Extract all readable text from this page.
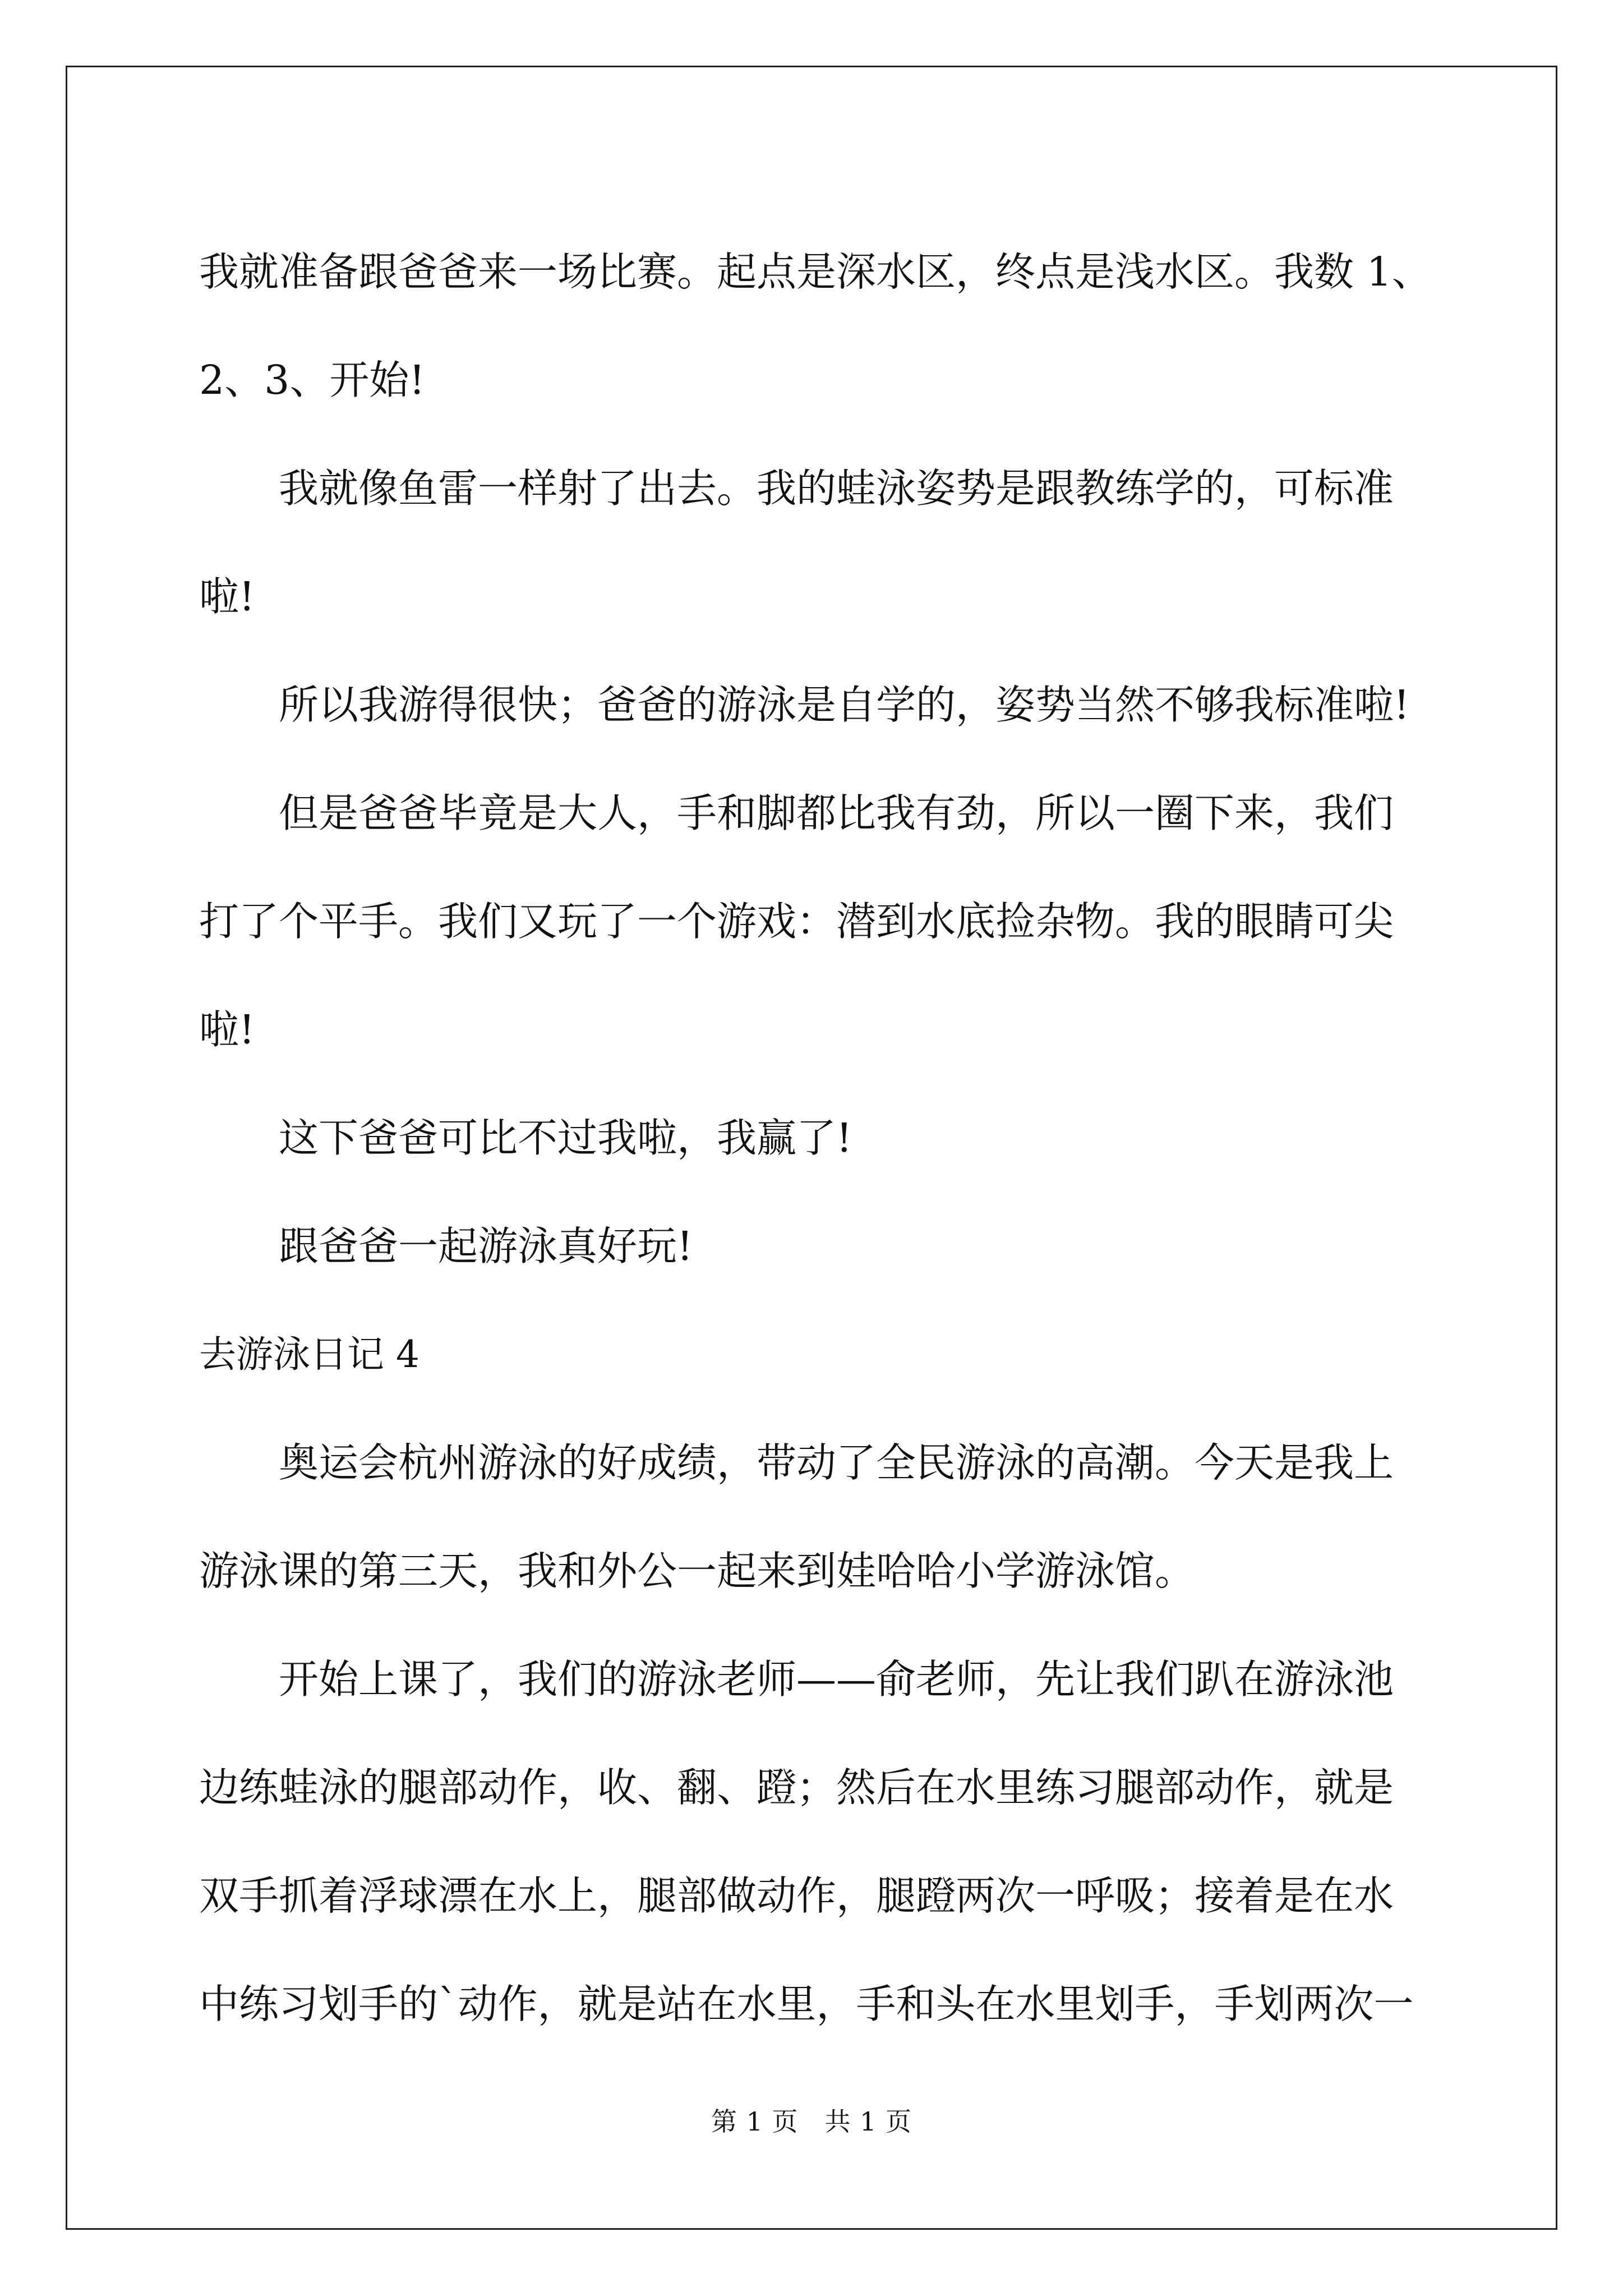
我就准备跟爸爸来一场比赛。起点是深水区，终点是浅水区。我数 1、2、3、开始!

我就像鱼雷一样射了出去。我的蛙泳姿势是跟教练学的，可标准啦!

所以我游得很快；爸爸的游泳是自学的，姿势当然不够我标准啦!

但是爸爸毕竟是大人，手和脚都比我有劲，所以一圈下来，我们打了个平手。我们又玩了一个游戏：潜到水底捡杂物。我的眼睛可尖啦!

这下爸爸可比不过我啦，我赢了!

跟爸爸一起游泳真好玩!

去游泳日记 4

奥运会杭州游泳的好成绩，带动了全民游泳的高潮。今天是我上游泳课的第三天，我和外公一起来到娃哈哈小学游泳馆。

开始上课了，我们的游泳老师——俞老师，先让我们趴在游泳池边练蛙泳的腿部动作，收、翻、蹬；然后在水里练习腿部动作，就是双手抓着浮球漂在水上，腿部做动作，腿蹬两次一呼吸；接着是在水中练习划手的`动作，就是站在水里，手和头在水里划手，手划两次一

第 1 页　共 1 页
